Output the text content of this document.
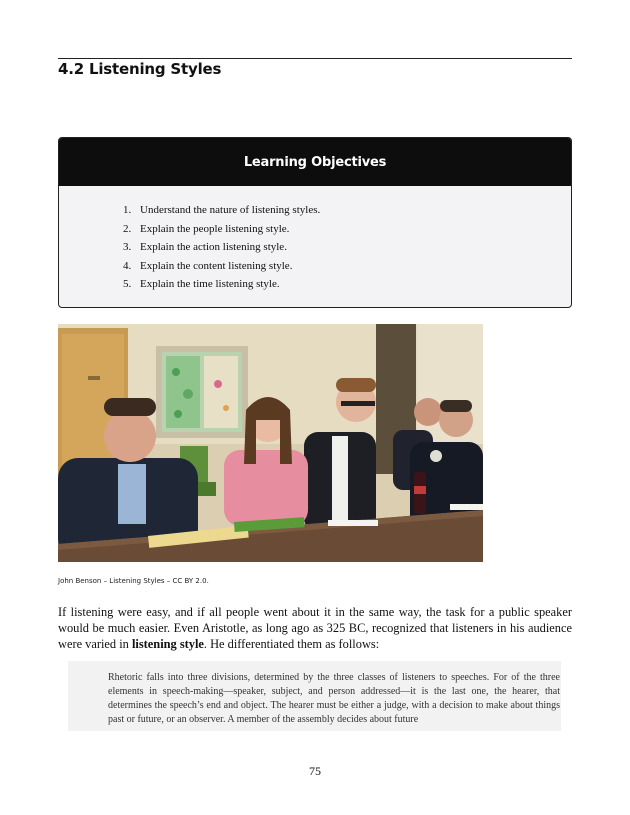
4.2 Listening Styles
Learning Objectives
1. Understand the nature of listening styles.
2. Explain the people listening style.
3. Explain the action listening style.
4. Explain the content listening style.
5. Explain the time listening style.
John Benson – Listening Styles – CC BY 2.0.

If listening were easy, and if all people went about it in the same way, the task for a public speaker would be much easier. Even Aristotle, as long ago as 325 BC, recognized that listeners in his audience were varied in listening style. He differentiated them as follows:

Rhetoric falls into three divisions, determined by the three classes of listeners to speeches. For of the three elements in speech-making—speaker, subject, and person addressed—it is the last one, the hearer, that determines the speech’s end and object. The hearer must be either a judge, with a decision to make about things past or future, or an observer. A member of the assembly decides about future

75
